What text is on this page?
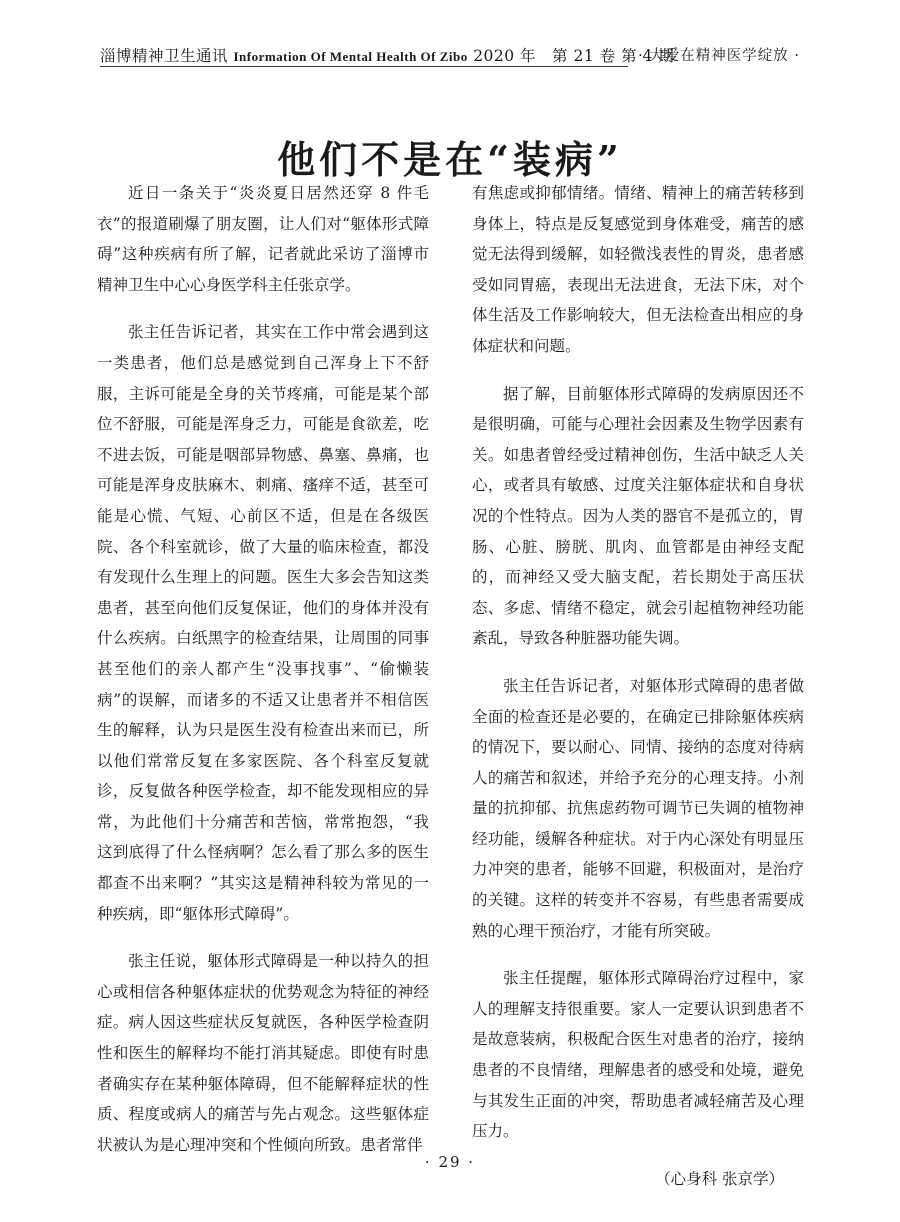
淄博精神卫生通讯 Information Of Mental Health Of Zibo 2020 年　第 21 卷 第 4 期
· 大爱在精神医学绽放 ·
他们不是在“装病”

近日一条关于“炎炎夏日居然还穿 8 件毛衣”的报道刷爆了朋友圈，让人们对“躯体形式障碍”这种疾病有所了解，记者就此采访了淄博市精神卫生中心心身医学科主任张京学。

张主任告诉记者，其实在工作中常会遇到这一类患者，他们总是感觉到自己浑身上下不舒服，主诉可能是全身的关节疼痛，可能是某个部位不舒服，可能是浑身乏力，可能是食欲差，吃不进去饭，可能是咽部异物感、鼻塞、鼻痛，也可能是浑身皮肤麻木、刺痛、瘙痒不适，甚至可能是心慌、气短、心前区不适，但是在各级医院、各个科室就诊，做了大量的临床检查，都没有发现什么生理上的问题。医生大多会告知这类患者，甚至向他们反复保证，他们的身体并没有什么疾病。白纸黑字的检查结果，让周围的同事甚至他们的亲人都产生“没事找事”、“偷懒装病”的误解，而诸多的不适又让患者并不相信医生的解释，认为只是医生没有检查出来而已，所以他们常常反复在多家医院、各个科室反复就诊，反复做各种医学检查，却不能发现相应的异常，为此他们十分痛苦和苦恼，常常抱怨，“我这到底得了什么怪病啊？怎么看了那么多的医生都查不出来啊？”其实这是精神科较为常见的一种疾病，即“躯体形式障碍”。

张主任说，躯体形式障碍是一种以持久的担心或相信各种躯体症状的优势观念为特征的神经症。病人因这些症状反复就医，各种医学检查阴性和医生的解释均不能打消其疑虑。即使有时患者确实存在某种躯体障碍，但不能解释症状的性质、程度或病人的痛苦与先占观念。这些躯体症状被认为是心理冲突和个性倾向所致。患者常伴

有焦虑或抑郁情绪。情绪、精神上的痛苦转移到身体上，特点是反复感觉到身体难受，痛苦的感觉无法得到缓解，如轻微浅表性的胃炎，患者感受如同胃癌，表现出无法进食，无法下床，对个体生活及工作影响较大，但无法检查出相应的身体症状和问题。

据了解，目前躯体形式障碍的发病原因还不是很明确，可能与心理社会因素及生物学因素有关。如患者曾经受过精神创伤，生活中缺乏人关心，或者具有敏感、过度关注躯体症状和自身状况的个性特点。因为人类的器官不是孤立的，胃肠、心脏、膀胱、肌肉、血管都是由神经支配的，而神经又受大脑支配，若长期处于高压状态、多虑、情绪不稳定，就会引起植物神经功能紊乱，导致各种脏器功能失调。

张主任告诉记者，对躯体形式障碍的患者做全面的检查还是必要的，在确定已排除躯体疾病的情况下，要以耐心、同情、接纳的态度对待病人的痛苦和叙述，并给予充分的心理支持。小剂量的抗抑郁、抗焦虑药物可调节已失调的植物神经功能，缓解各种症状。对于内心深处有明显压力冲突的患者，能够不回避，积极面对，是治疗的关键。这样的转变并不容易，有些患者需要成熟的心理干预治疗，才能有所突破。

张主任提醒，躯体形式障碍治疗过程中，家人的理解支持很重要。家人一定要认识到患者不是故意装病，积极配合医生对患者的治疗，接纳患者的不良情绪，理解患者的感受和处境，避免与其发生正面的冲突，帮助患者减轻痛苦及心理压力。

（心身科 张京学）
· 29 ·
